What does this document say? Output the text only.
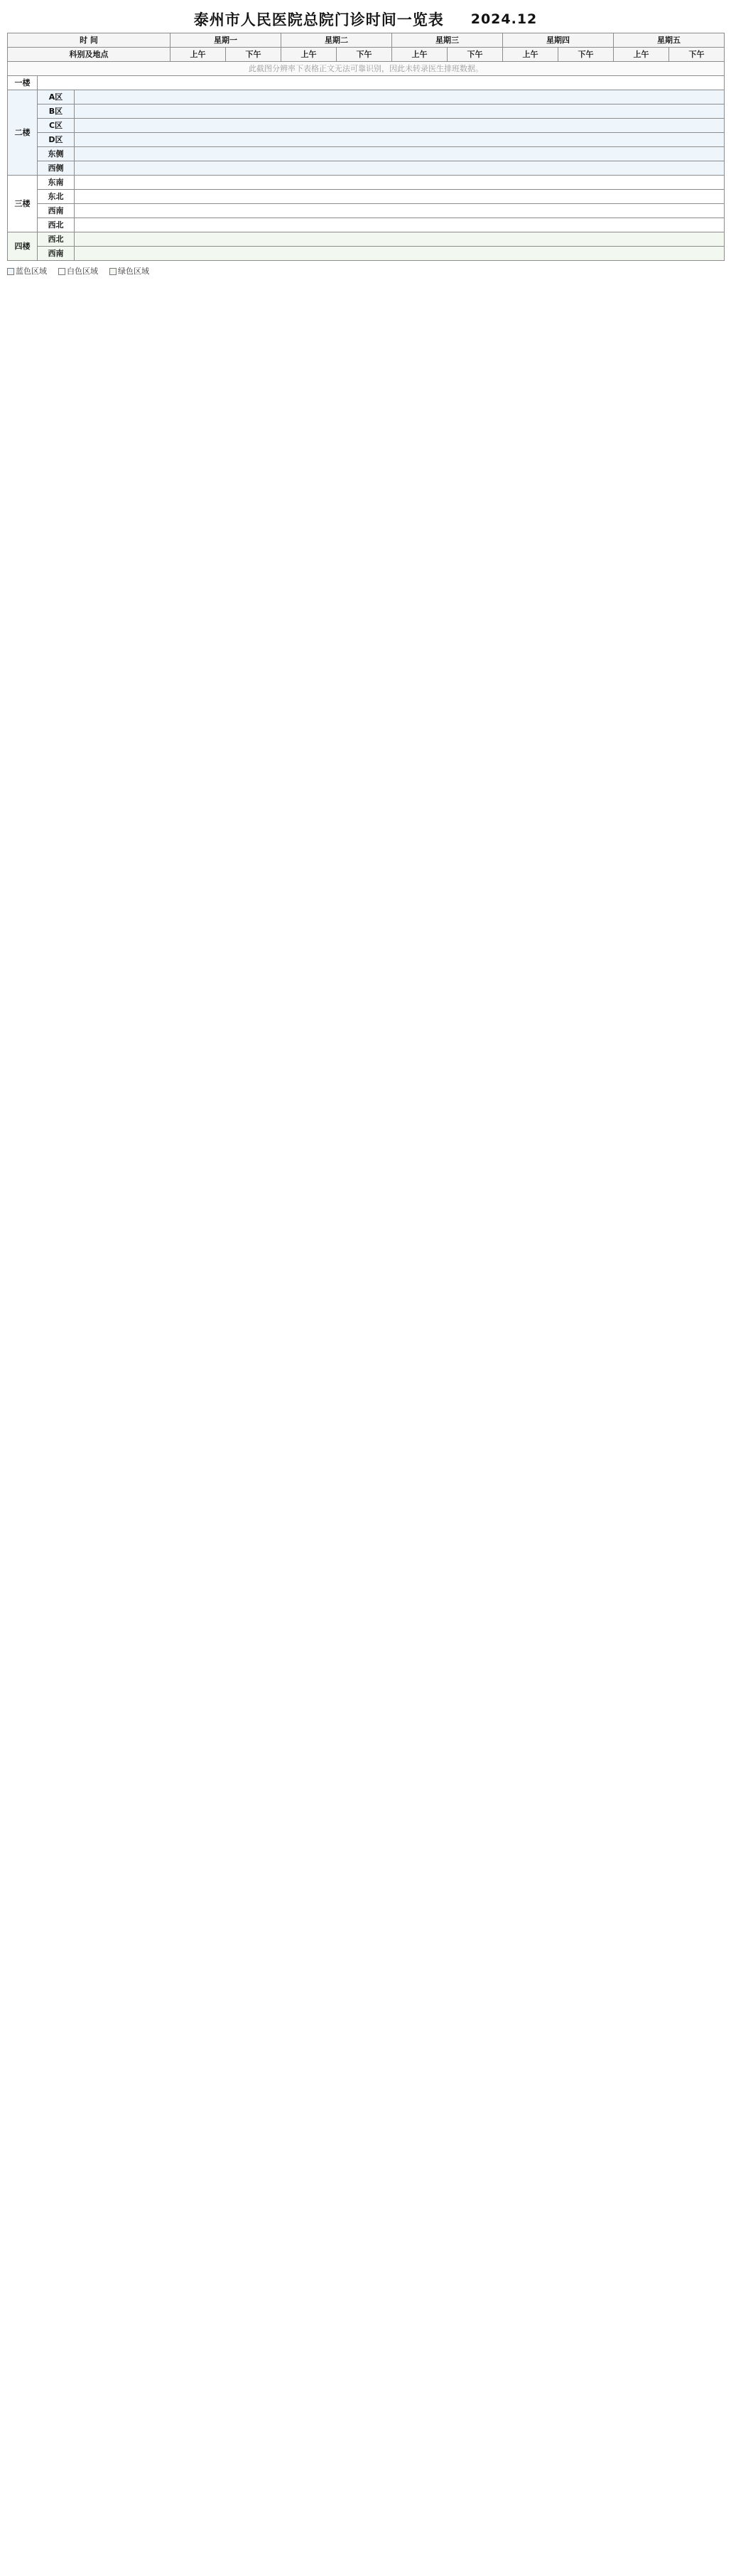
泰州市人民医院总院门诊时间一览表 2024.12
时 间			星期一		星期二		星期三		星期四		星期五	
科别及地点			上午	下午	上午	下午	上午	下午	上午	下午	上午	下午
此截图分辨率下表格正文无法可靠识别，因此未转录医生排班数据。												
一楼												
二楼	A区											
	B区											
	C区											
	D区											
	东侧											
	西侧											
三楼	东南											
	东北											
	西南											
	西北											
四楼	西北											
	西南											
蓝色区域	白色区域	绿色区域
